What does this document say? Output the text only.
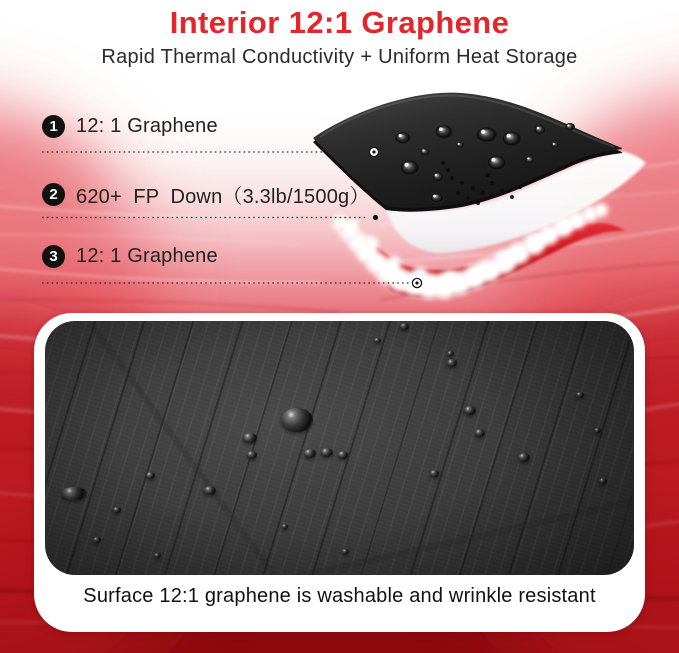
Interior 12:1 Graphene
Rapid Thermal Conductivity + Uniform Heat Storage
1 12: 1 Graphene
2 620+  FP  Down（3.3lb/1500g）
3 12: 1 Graphene
Surface 12:1 graphene is washable and wrinkle resistant
